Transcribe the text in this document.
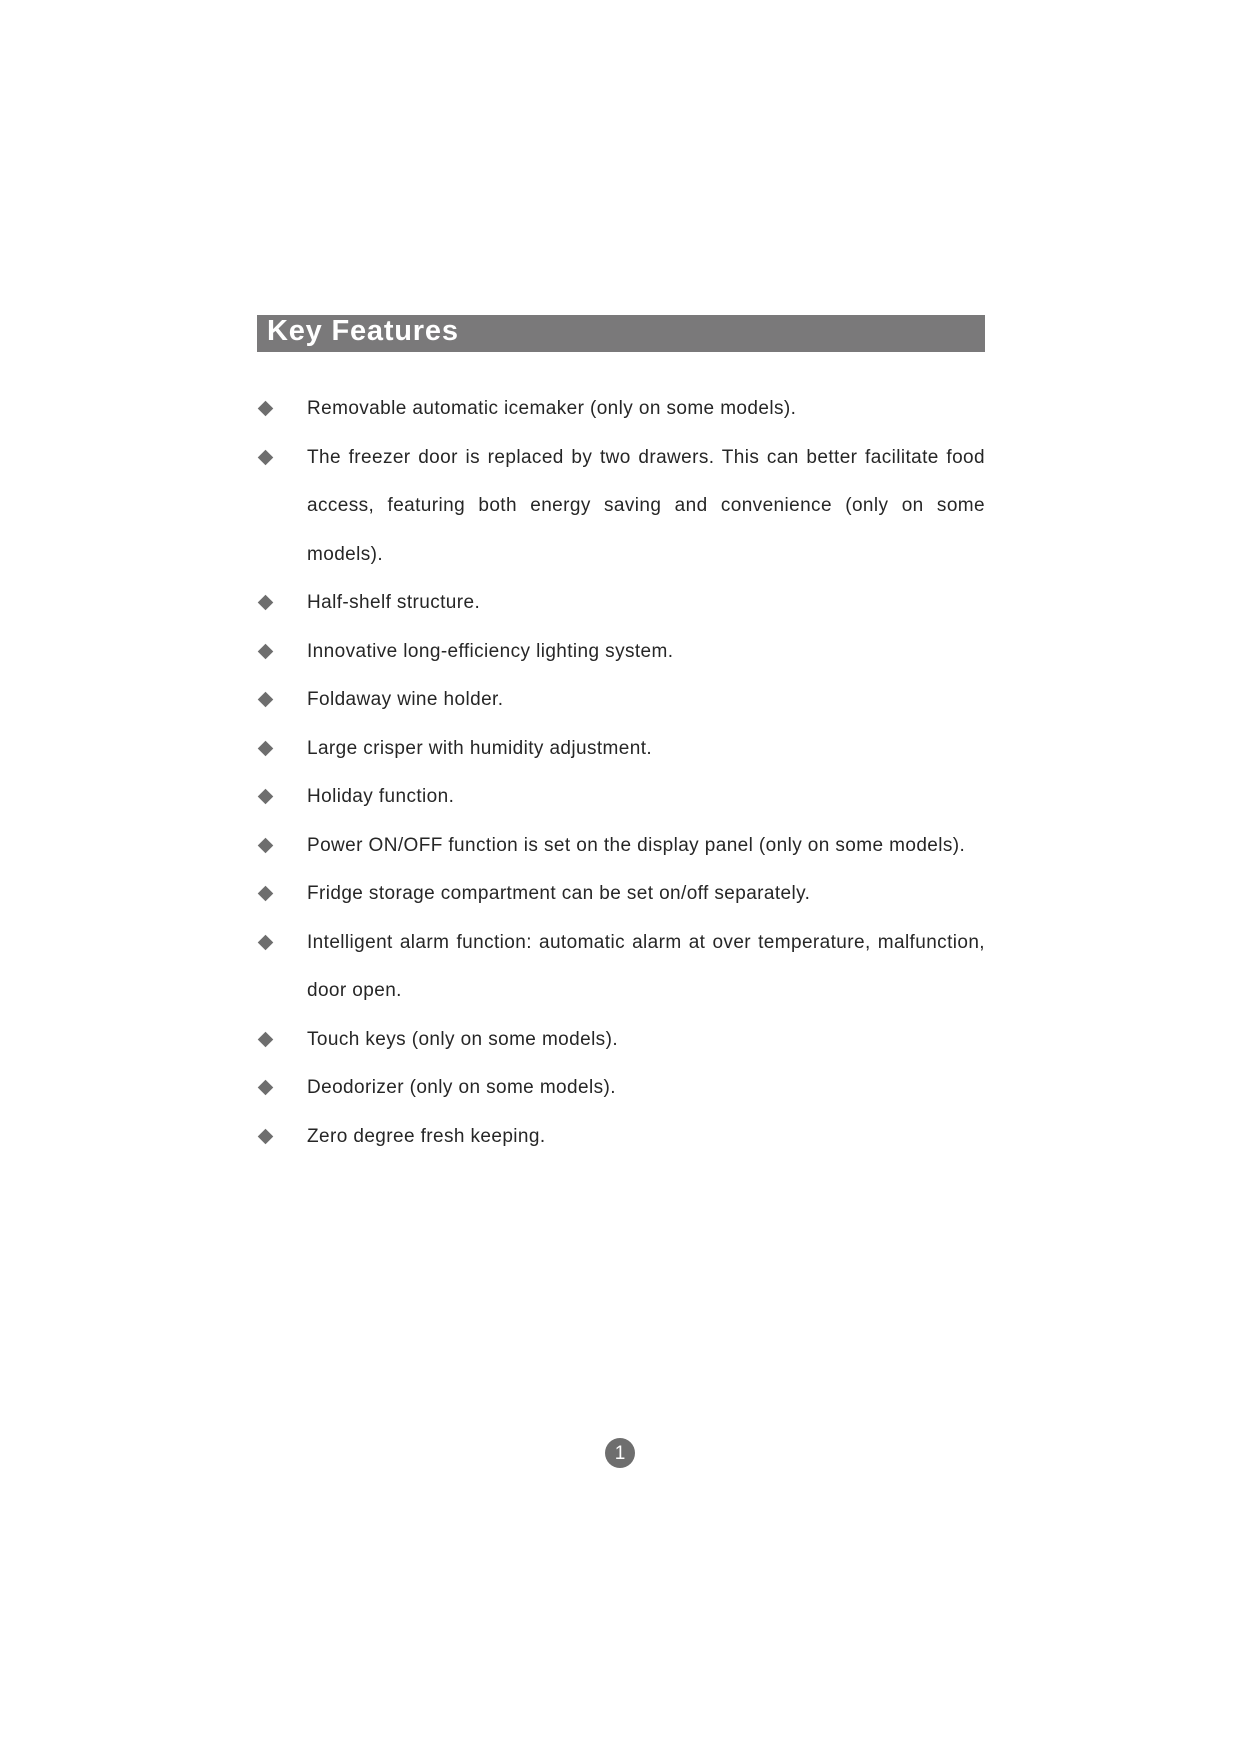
Key Features
Removable automatic icemaker (only on some models).
The freezer door is replaced by two drawers. This can better facilitate food access, featuring both energy saving and convenience (only on some models).
Half-shelf structure.
Innovative long-efficiency lighting system.
Foldaway wine holder.
Large crisper with humidity adjustment.
Holiday function.
Power ON/OFF function is set on the display panel (only on some models).
Fridge storage compartment can be set on/off separately.
Intelligent alarm function: automatic alarm at over temperature, malfunction, door open.
Touch keys (only on some models).
Deodorizer (only on some models).
Zero degree fresh keeping.
1
